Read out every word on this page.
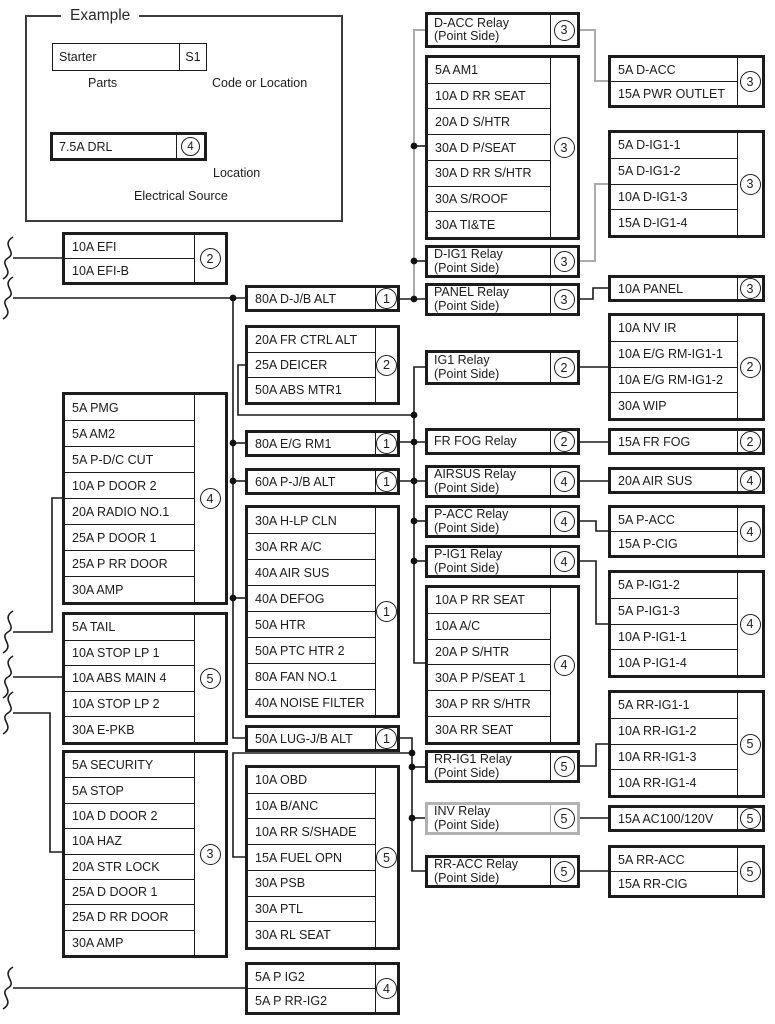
Example
Starter	S1
7.5A DRL	4
Parts	Code or Location
Location
Electrical Source
10A EFI
10A EFI-B
2
5A PMG
5A AM2
5A P-D/C CUT
10A P DOOR 2
20A RADIO NO.1
25A P DOOR 1
25A P RR DOOR
30A AMP
4
5A TAIL
10A STOP LP 1
10A ABS MAIN 4
10A STOP LP 2
30A E-PKB
5
5A SECURITY
5A STOP
10A D DOOR 2
10A HAZ
20A STR LOCK
25A D DOOR 1
25A D RR DOOR
30A AMP
3
80A D-J/B ALT	1
20A FR CTRL ALT
25A DEICER
50A ABS MTR1
2
80A E/G RM1	1
60A P-J/B ALT	1
30A H-LP CLN
30A RR A/C
40A AIR SUS
40A DEFOG
50A HTR
50A PTC HTR 2
80A FAN NO.1
40A NOISE FILTER
1
50A LUG-J/B ALT	1
10A OBD
10A B/ANC
10A RR S/SHADE
15A FUEL OPN
30A PSB
30A PTL
30A RL SEAT
5
5A P IG2
5A P RR-IG2
4
D-ACC Relay
(Point Side)	3
5A AM1
10A D RR SEAT
20A D S/HTR
30A D P/SEAT
30A D RR S/HTR
30A S/ROOF
30A TI&TE
3
D-IG1 Relay
(Point Side)	3
PANEL Relay
(Point Side)	3
IG1 Relay
(Point Side)	2
FR FOG Relay	2
AIRSUS Relay
(Point Side)	4
P-ACC Relay
(Point Side)	4
P-IG1 Relay
(Point Side)	4
10A P RR SEAT
10A A/C
20A P S/HTR
30A P P/SEAT 1
30A P RR S/HTR
30A RR SEAT
4
RR-IG1 Relay
(Point Side)	5
INV Relay
(Point Side)	5
RR-ACC Relay
(Point Side)	5
5A D-ACC
15A PWR OUTLET
3
5A D-IG1-1
5A D-IG1-2
10A D-IG1-3
15A D-IG1-4
3
10A PANEL	3
10A NV IR
10A E/G RM-IG1-1
10A E/G RM-IG1-2
30A WIP
2
15A FR FOG	2
20A AIR SUS	4
5A P-ACC
15A P-CIG
4
5A P-IG1-2
5A P-IG1-3
10A P-IG1-1
10A P-IG1-4
4
5A RR-IG1-1
10A RR-IG1-2
10A RR-IG1-3
10A RR-IG1-4
5
15A AC100/120V	5
5A RR-ACC
15A RR-CIG
5
